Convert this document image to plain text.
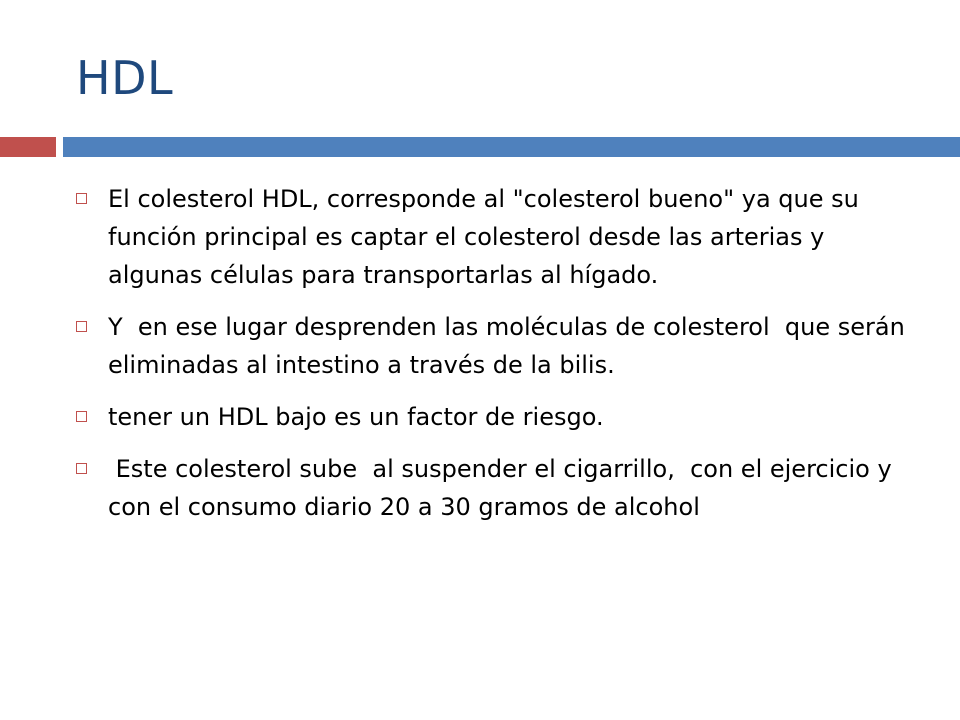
HDL
El colesterol HDL, corresponde al "colesterol bueno" ya que su función principal es captar el colesterol desde las arterias y algunas células para transportarlas al hígado.
Y  en ese lugar desprenden las moléculas de colesterol  que serán eliminadas al intestino a través de la bilis.
tener un HDL bajo es un factor de riesgo.
Este colesterol sube  al suspender el cigarrillo,  con el ejercicio y con el consumo diario 20 a 30 gramos de alcohol
